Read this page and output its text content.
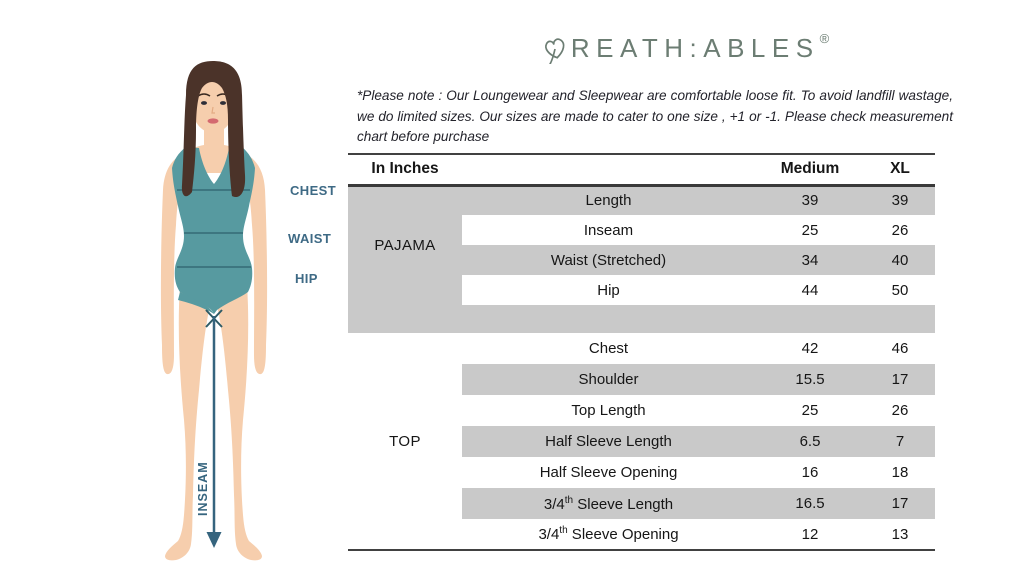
INSEAM
CHEST
WAIST
HIP
REATH:ABLES ®

*Please note : Our Loungewear and Sleepwear are comfortable loose fit. To avoid landfill wastage, we do limited sizes. Our sizes are made to cater to one size , +1 or -1. Please check measurement chart before purchase

In Inches		Medium	XL
PAJAMA	Length	39	39
	Inseam	25	26
	Waist (Stretched)	34	40
	Hip	44	50

TOP	Chest	42	46
	Shoulder	15.5	17
	Top Length	25	26
	Half Sleeve Length	6.5	7
	Half Sleeve Opening	16	18
	3/4th Sleeve Length	16.5	17
	3/4th Sleeve Opening	12	13
